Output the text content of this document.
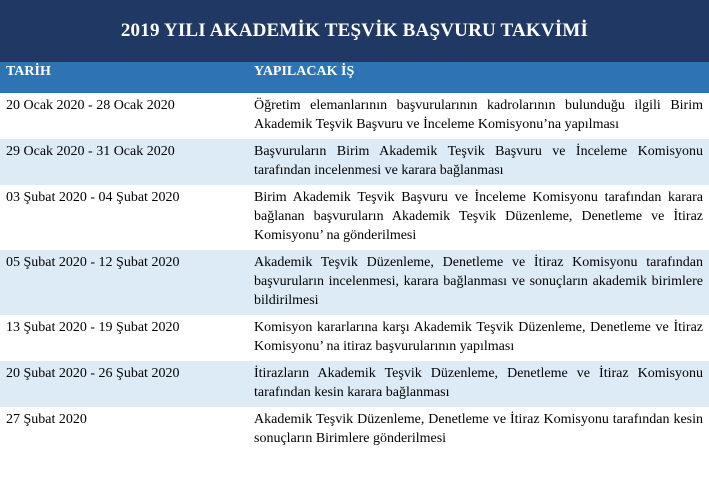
2019 YILI AKADEMİK TEŞVİK BAŞVURU TAKVİMİ
TARİH	YAPILACAK İŞ
20 Ocak 2020 - 28 Ocak 2020	Öğretim elemanlarının başvurularının kadrolarının bulunduğu ilgili Birim Akademik Teşvik Başvuru ve İnceleme Komisyonu’na yapılması
29 Ocak 2020 - 31 Ocak 2020	Başvuruların Birim Akademik Teşvik Başvuru ve İnceleme Komisyonu tarafından incelenmesi ve karara bağlanması
03 Şubat 2020 - 04 Şubat 2020	Birim Akademik Teşvik Başvuru ve İnceleme Komisyonu tarafından karara bağlanan başvuruların Akademik Teşvik Düzenleme, Denetleme ve İtiraz Komisyonu’ na gönderilmesi
05 Şubat 2020 - 12 Şubat 2020	Akademik Teşvik Düzenleme, Denetleme ve İtiraz Komisyonu tarafından başvuruların incelenmesi, karara bağlanması ve sonuçların akademik birimlere bildirilmesi
13 Şubat 2020 - 19 Şubat 2020	Komisyon kararlarına karşı Akademik Teşvik Düzenleme, Denetleme ve İtiraz Komisyonu’ na itiraz başvurularının yapılması
20 Şubat 2020 - 26 Şubat 2020	İtirazların Akademik Teşvik Düzenleme, Denetleme ve İtiraz Komisyonu tarafından kesin karara bağlanması
27 Şubat 2020	Akademik Teşvik Düzenleme, Denetleme ve İtiraz Komisyonu tarafından kesin sonuçların Birimlere gönderilmesi
